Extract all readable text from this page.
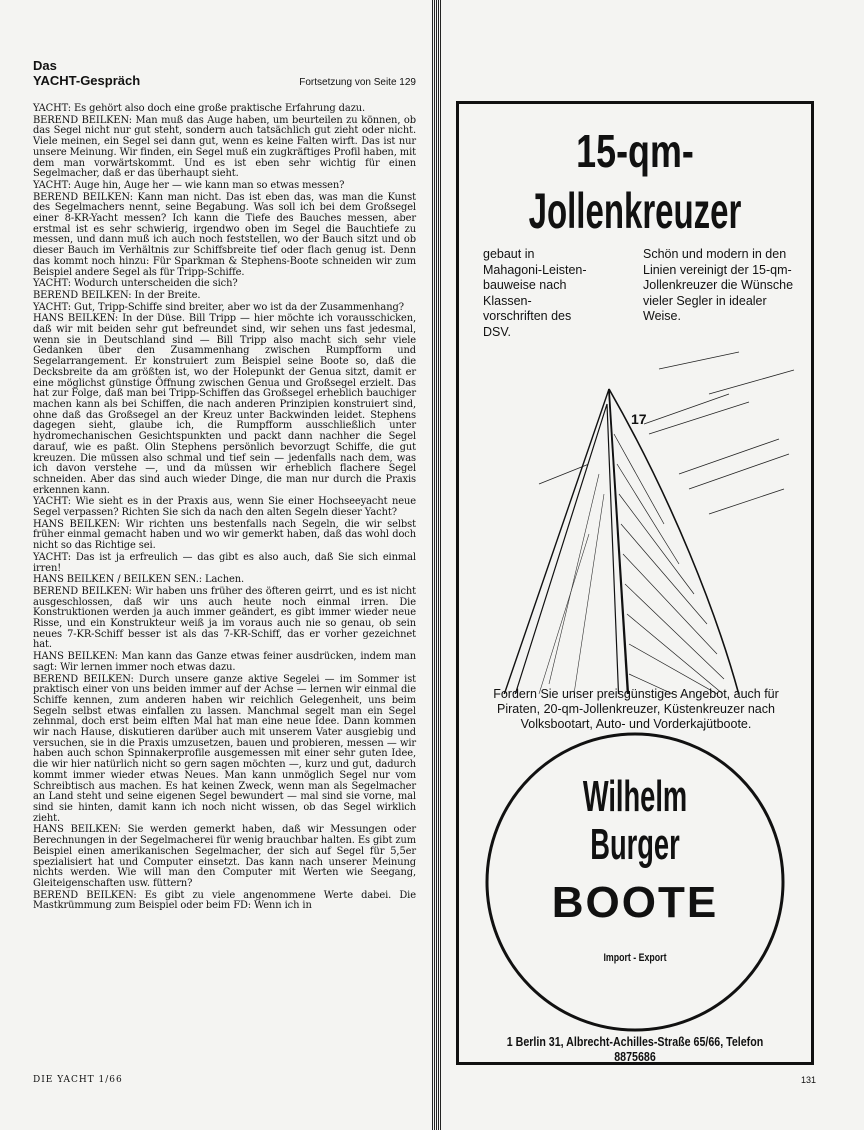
Das
YACHT-Gespräch	Fortsetzung von Seite 129

YACHT: Es gehört also doch eine große praktische Erfahrung dazu.

BEREND BEILKEN: Man muß das Auge haben, um beurteilen zu können, ob das Segel nicht nur gut steht, sondern auch tatsächlich gut zieht oder nicht. Viele meinen, ein Segel sei dann gut, wenn es keine Falten wirft. Das ist nur unsere Meinung. Wir finden, ein Segel muß ein zugkräftiges Profil haben, mit dem man vorwärtskommt. Und es ist eben sehr wichtig für einen Segelmacher, daß er das überhaupt sieht.

YACHT: Auge hin, Auge her — wie kann man so etwas messen?

BEREND BEILKEN: Kann man nicht. Das ist eben das, was man die Kunst des Segelmachers nennt, seine Begabung. Was soll ich bei dem Großsegel einer 8-KR-Yacht messen? Ich kann die Tiefe des Bauches messen, aber erstmal ist es sehr schwierig, irgendwo oben im Segel die Bauchtiefe zu messen, und dann muß ich auch noch feststellen, wo der Bauch sitzt und ob dieser Bauch im Verhältnis zur Schiffsbreite tief oder flach genug ist. Denn das kommt noch hinzu: Für Sparkman & Stephens-Boote schneiden wir zum Beispiel andere Segel als für Tripp-Schiffe.

YACHT: Wodurch unterscheiden die sich?

BEREND BEILKEN: In der Breite.

YACHT: Gut, Tripp-Schiffe sind breiter, aber wo ist da der Zusammenhang?

HANS BEILKEN: In der Düse. Bill Tripp — hier möchte ich vorausschicken, daß wir mit beiden sehr gut befreundet sind, wir sehen uns fast jedesmal, wenn sie in Deutschland sind — Bill Tripp also macht sich sehr viele Gedanken über den Zusammenhang zwischen Rumpfform und Segelarrangement. Er konstruiert zum Beispiel seine Boote so, daß die Decksbreite da am größten ist, wo der Holepunkt der Genua sitzt, damit er eine möglichst günstige Öffnung zwischen Genua und Großsegel erzielt. Das hat zur Folge, daß man bei Tripp-Schiffen das Großsegel erheblich bauchiger machen kann als bei Schiffen, die nach anderen Prinzipien konstruiert sind, ohne daß das Großsegel an der Kreuz unter Backwinden leidet. Stephens dagegen sieht, glaube ich, die Rumpfform ausschließlich unter hydromechanischen Gesichtspunkten und packt dann nachher die Segel darauf, wie es paßt. Olin Stephens persönlich bevorzugt Schiffe, die gut kreuzen. Die müssen also schmal und tief sein — jedenfalls nach dem, was ich davon verstehe —, und da müssen wir erheblich flachere Segel schneiden. Aber das sind auch wieder Dinge, die man nur durch die Praxis erkennen kann.

YACHT: Wie sieht es in der Praxis aus, wenn Sie einer Hochseeyacht neue Segel verpassen? Richten Sie sich da nach den alten Segeln dieser Yacht?

HANS BEILKEN: Wir richten uns bestenfalls nach Segeln, die wir selbst früher einmal gemacht haben und wo wir gemerkt haben, daß das wohl doch nicht so das Richtige sei.

YACHT: Das ist ja erfreulich — das gibt es also auch, daß Sie sich einmal irren!

HANS BEILKEN / BEILKEN SEN.: Lachen.

BEREND BEILKEN: Wir haben uns früher des öfteren geirrt, und es ist nicht ausgeschlossen, daß wir uns auch heute noch einmal irren. Die Konstruktionen werden ja auch immer geändert, es gibt immer wieder neue Risse, und ein Konstrukteur weiß ja im voraus auch nie so genau, ob sein neues 7-KR-Schiff besser ist als das 7-KR-Schiff, das er vorher gezeichnet hat.

HANS BEILKEN: Man kann das Ganze etwas feiner ausdrücken, indem man sagt: Wir lernen immer noch etwas dazu.

BEREND BEILKEN: Durch unsere ganze aktive Segelei — im Sommer ist praktisch einer von uns beiden immer auf der Achse — lernen wir einmal die Schiffe kennen, zum anderen haben wir reichlich Gelegenheit, uns beim Segeln selbst etwas einfallen zu lassen. Manchmal segelt man ein Segel zehnmal, doch erst beim elften Mal hat man eine neue Idee. Dann kommen wir nach Hause, diskutieren darüber auch mit unserem Vater ausgiebig und versuchen, sie in die Praxis umzusetzen, bauen und probieren, messen — wir haben auch schon Spinnakerprofile ausgemessen mit einer sehr guten Idee, die wir hier natürlich nicht so gern sagen möchten —, kurz und gut, dadurch kommt immer wieder etwas Neues. Man kann unmöglich Segel nur vom Schreibtisch aus machen. Es hat keinen Zweck, wenn man als Segelmacher an Land steht und seine eigenen Segel bewundert — mal sind sie vorne, mal sind sie hinten, damit kann ich noch nicht wissen, ob das Segel wirklich zieht.

HANS BEILKEN: Sie werden gemerkt haben, daß wir Messungen oder Berechnungen in der Segelmacherei für wenig brauchbar halten. Es gibt zum Beispiel einen amerikanischen Segelmacher, der sich auf Segel für 5,5er spezialisiert hat und Computer einsetzt. Das kann nach unserer Meinung nichts werden. Wie will man den Computer mit Werten wie Seegang, Gleiteigenschaften usw. füttern?

BEREND BEILKEN: Es gibt zu viele angenommene Werte dabei. Die Mastkrümmung zum Beispiel oder beim FD: Wenn ich in

DIE YACHT 1/66	131
15-qm-
Jollenkreuzer
gebaut in Mahagoni-Leisten-bauweise nach Klassen-vorschriften des DSV.
Schön und modern in den Linien vereinigt der 15-qm-Jollenkreuzer die Wünsche vieler Segler in idealer Weise.
17
Fordern Sie unser preisgünstiges Angebot, auch für Piraten, 20-qm-Jollenkreuzer, Küstenkreuzer nach Volksbootart, Auto- und Vorderkajütboote.
Wilhelm
Burger
BOOTE
Import - Export
1 Berlin 31, Albrecht-Achilles-Straße 65/66, Telefon 8875686
